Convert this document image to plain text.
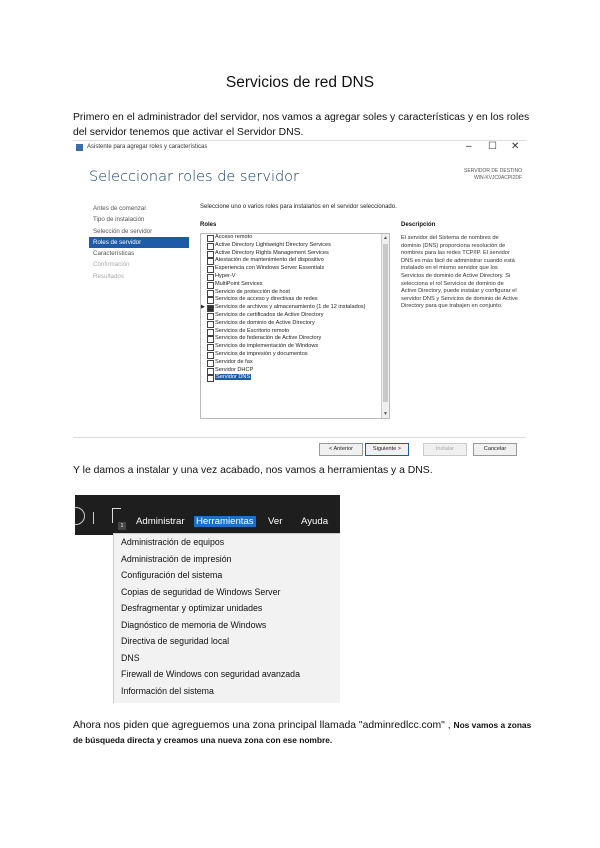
Servicios de red DNS
Primero en el administrador del servidor, nos vamos a agregar soles y características y en los roles del servidor tenemos que activar el Servidor DNS.
Asistente para agregar roles y características	– ☐ ✕
Seleccionar roles de servidor	SERVIDOR DE DESTINO
WIN-KVJC0ACPI2DF
Antes de comenzar
Tipo de instalación
Selección de servidor
Roles de servidor
Características
Confirmación
Resultados
Seleccione uno o varios roles para instalarlos en el servidor seleccionado.
Roles	Descripción
Acceso remoto
Active Directory Lightweight Directory Services
Active Directory Rights Management Services
Atestación de mantenimiento del dispositivo
Experiencia con Windows Server Essentials
Hyper-V
MultiPoint Services
Servicio de protección de host
Servicios de acceso y directivas de redes
▶ Servicios de archivos y almacenamiento (1 de 12 instalados)
Servicios de certificados de Active Directory
Servicios de dominio de Active Directory
Servicios de Escritorio remoto
Servicios de federación de Active Directory
Servicios de implementación de Windows
Servicios de impresión y documentos
Servidor de fax
Servidor DHCP
Servidor DNS
▲
▼
El servidor del Sistema de nombres de dominio (DNS) proporciona resolución de nombres para las redes TCP/IP. El servidor DNS es más fácil de administrar cuando está instalado en el mismo servidor que los Servicios de dominio de Active Directory. Si selecciona el rol Servicios de dominio de Active Directory, puede instalar y configurar el servidor DNS y Servicios de dominio de Active Directory para que trabajen en conjunto.
< Anterior	Siguiente >	Instalar	Cancelar
Y le damos a instalar y una vez acabado, nos vamos a herramientas y a DNS.
1 Administrar Herramientas Ver Ayuda
Administración de equipos
Administración de impresión
Configuración del sistema
Copias de seguridad de Windows Server
Desfragmentar y optimizar unidades
Diagnóstico de memoria de Windows
Directiva de seguridad local
DNS
Firewall de Windows con seguridad avanzada
Información del sistema
Ahora nos piden que agreguemos una zona principal llamada "adminredlcc.com" , Nos vamos a zonas de búsqueda directa y creamos una nueva zona con ese nombre.
